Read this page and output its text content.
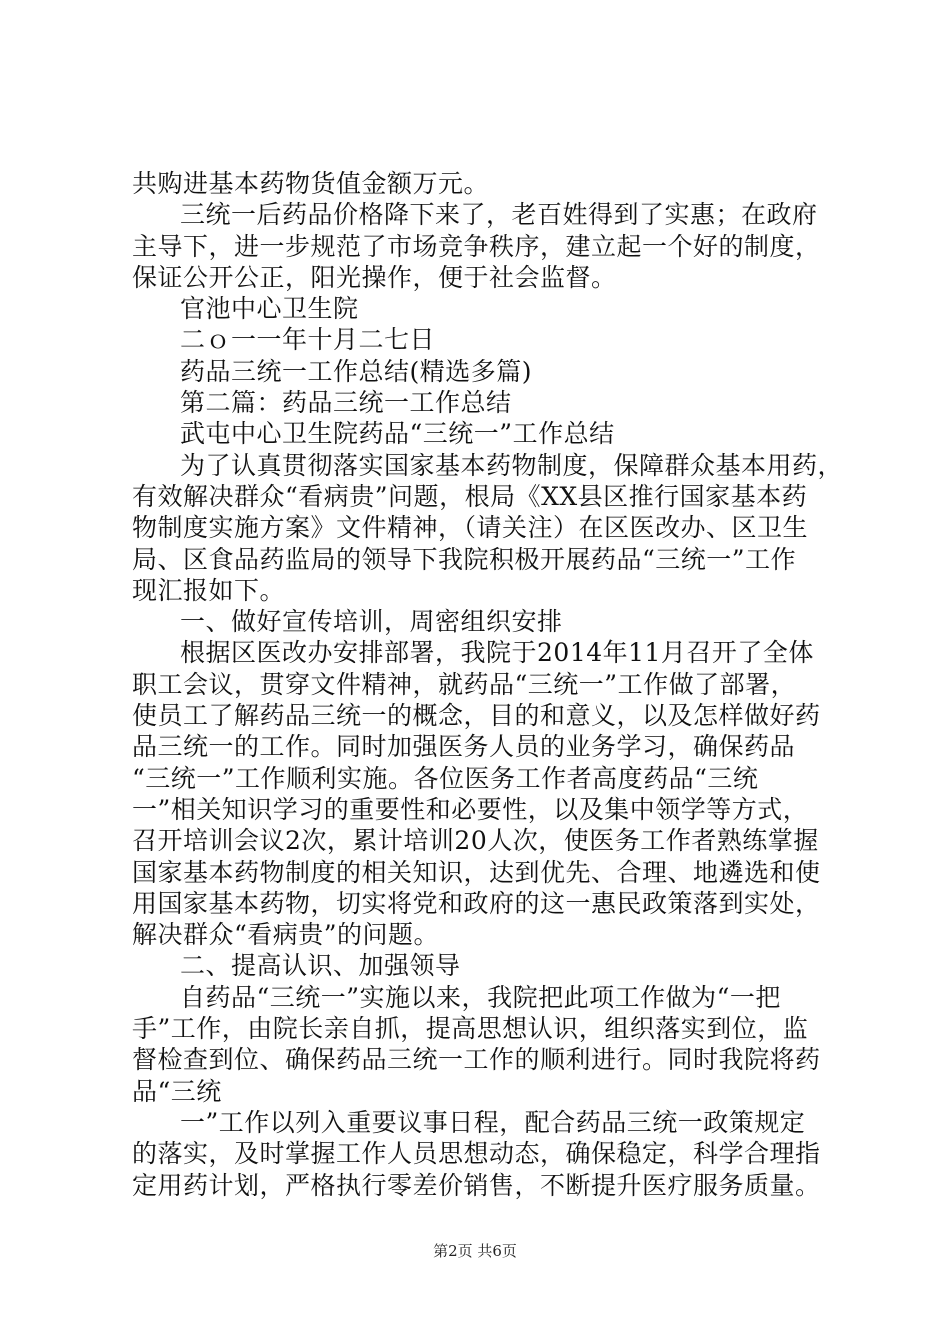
共购进基本药物货值金额万元。
三统一后药品价格降下来了，老百姓得到了实惠；在政府
主导下，进一步规范了市场竞争秩序，建立起一个好的制度，
保证公开公正，阳光操作，便于社会监督。
官池中心卫生院
二ｏ一一年十月二七日
药品三统一工作总结(精选多篇)
第二篇：药品三统一工作总结
武屯中心卫生院药品“三统一”工作总结
为了认真贯彻落实国家基本药物制度，保障群众基本用药，
有效解决群众“看病贵”问题，根局《XX县区推行国家基本药
物制度实施方案》文件精神，（请关注）在区医改办、区卫生
局、区食品药监局的领导下我院积极开展药品“三统一”工作
现汇报如下。
一、做好宣传培训，周密组织安排
根据区医改办安排部署，我院于2014年11月召开了全体
职工会议，贯穿文件精神，就药品“三统一”工作做了部署，
使员工了解药品三统一的概念，目的和意义，以及怎样做好药
品三统一的工作。同时加强医务人员的业务学习，确保药品
“三统一”工作顺利实施。各位医务工作者高度药品“三统
一”相关知识学习的重要性和必要性，以及集中领学等方式，
召开培训会议2次，累计培训20人次，使医务工作者熟练掌握
国家基本药物制度的相关知识，达到优先、合理、地遴选和使
用国家基本药物，切实将党和政府的这一惠民政策落到实处，
解决群众“看病贵”的问题。
二、提高认识、加强领导
自药品“三统一”实施以来，我院把此项工作做为“一把
手”工作，由院长亲自抓，提高思想认识，组织落实到位，监
督检查到位、确保药品三统一工作的顺利进行。同时我院将药
品“三统
一”工作以列入重要议事日程，配合药品三统一政策规定
的落实，及时掌握工作人员思想动态，确保稳定，科学合理指
定用药计划，严格执行零差价销售，不断提升医疗服务质量。
第2页 共6页
